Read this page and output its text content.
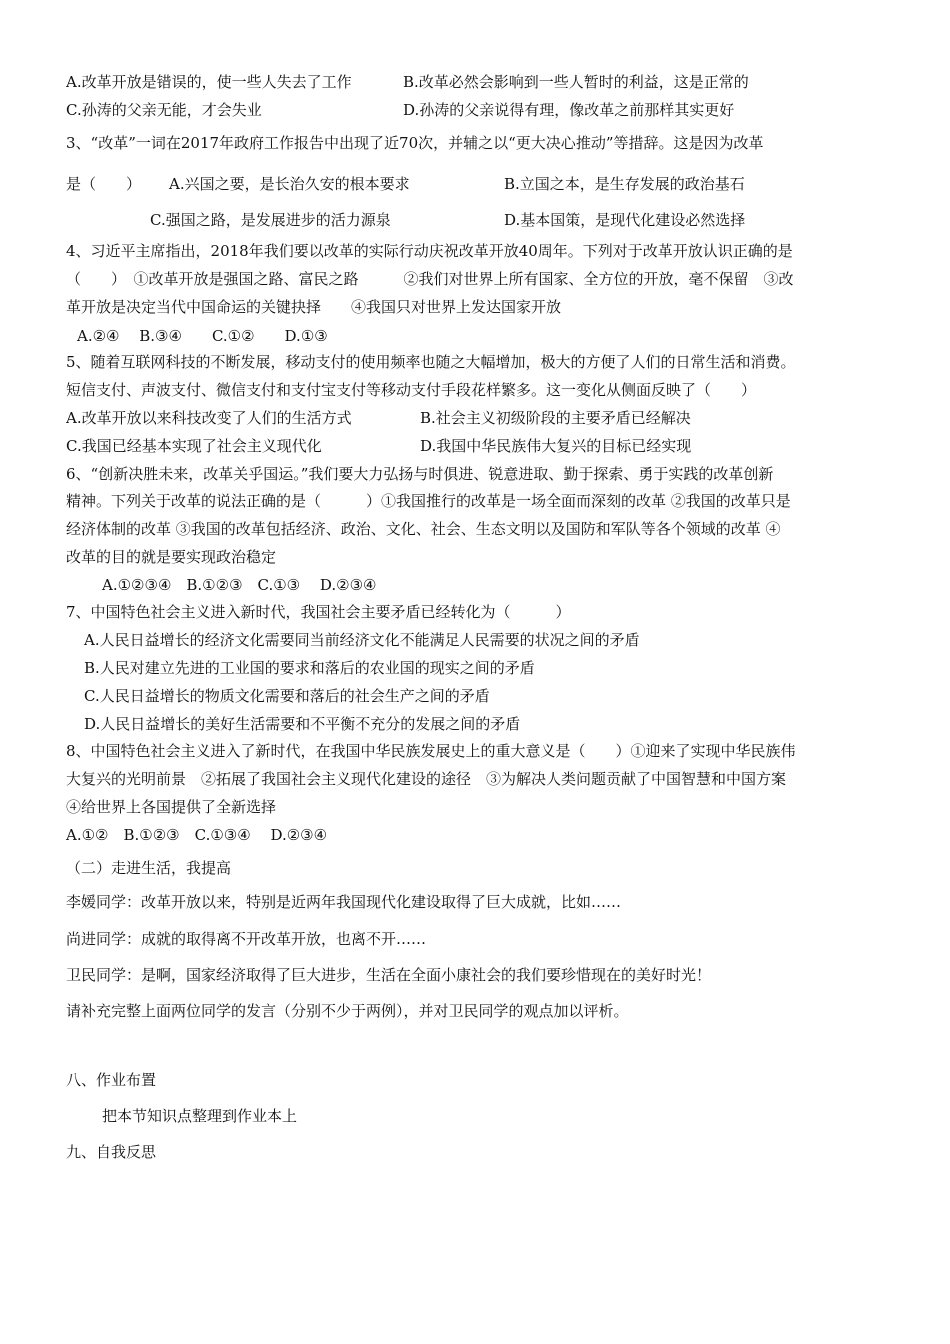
A.改革开放是错误的，使一些人失去了工作	B.改革必然会影响到一些人暂时的利益，这是正常的
C.孙涛的父亲无能，才会失业	D.孙涛的父亲说得有理，像改革之前那样其实更好
3、“改革”一词在2017年政府工作报告中出现了近70次，并辅之以“更大决心推动”等措辞。这是因为改革
是（　　） A.兴国之要，是长治久安的根本要求	B.立国之本，是生存发展的政治基石
C.强国之路，是发展进步的活力源泉	D.基本国策，是现代化建设必然选择
4、习近平主席指出，2018年我们要以改革的实际行动庆祝改革开放40周年。下列对于改革开放认识正确的是
（　　）　①改革开放是强国之路、富民之路　　　②我们对世界上所有国家、全方位的开放，毫不保留　③改
革开放是决定当代中国命运的关键抉择　　④我国只对世界上发达国家开放
A.②④　 B.③④　　C.①②　　D.①③
5、随着互联网科技的不断发展，移动支付的使用频率也随之大幅增加，极大的方便了人们的日常生活和消费。
短信支付、声波支付、微信支付和支付宝支付等移动支付手段花样繁多。这一变化从侧面反映了（　　）
A.改革开放以来科技改变了人们的生活方式	B.社会主义初级阶段的主要矛盾已经解决
C.我国已经基本实现了社会主义现代化	D.我国中华民族伟大复兴的目标已经实现
6、“创新决胜未来，改革关乎国运。”我们要大力弘扬与时俱进、锐意进取、勤于探索、勇于实践的改革创新
精神。下列关于改革的说法正确的是（　　　）①我国推行的改革是一场全面而深刻的改革 ②我国的改革只是
经济体制的改革 ③我国的改革包括经济、政治、文化、社会、生态文明以及国防和军队等各个领域的改革 ④
改革的目的就是要实现政治稳定
A.①②③④　B.①②③　C.①③　 D.②③④
7、中国特色社会主义进入新时代，我国社会主要矛盾已经转化为（　　　）
A.人民日益增长的经济文化需要同当前经济文化不能满足人民需要的状况之间的矛盾
B.人民对建立先进的工业国的要求和落后的农业国的现实之间的矛盾
C.人民日益增长的物质文化需要和落后的社会生产之间的矛盾
D.人民日益增长的美好生活需要和不平衡不充分的发展之间的矛盾
8、中国特色社会主义进入了新时代，在我国中华民族发展史上的重大意义是（　　）①迎来了实现中华民族伟
大复兴的光明前景　②拓展了我国社会主义现代化建设的途径　③为解决人类问题贡献了中国智慧和中国方案
④给世界上各国提供了全新选择
A.①②　B.①②③　C.①③④　 D.②③④
（二）走进生活，我提高
李媛同学：改革开放以来，特别是近两年我国现代化建设取得了巨大成就，比如……
尚进同学：成就的取得离不开改革开放，也离不开……
卫民同学：是啊，国家经济取得了巨大进步，生活在全面小康社会的我们要珍惜现在的美好时光！
请补充完整上面两位同学的发言（分别不少于两例），并对卫民同学的观点加以评析。
八、作业布置
把本节知识点整理到作业本上
九、自我反思
